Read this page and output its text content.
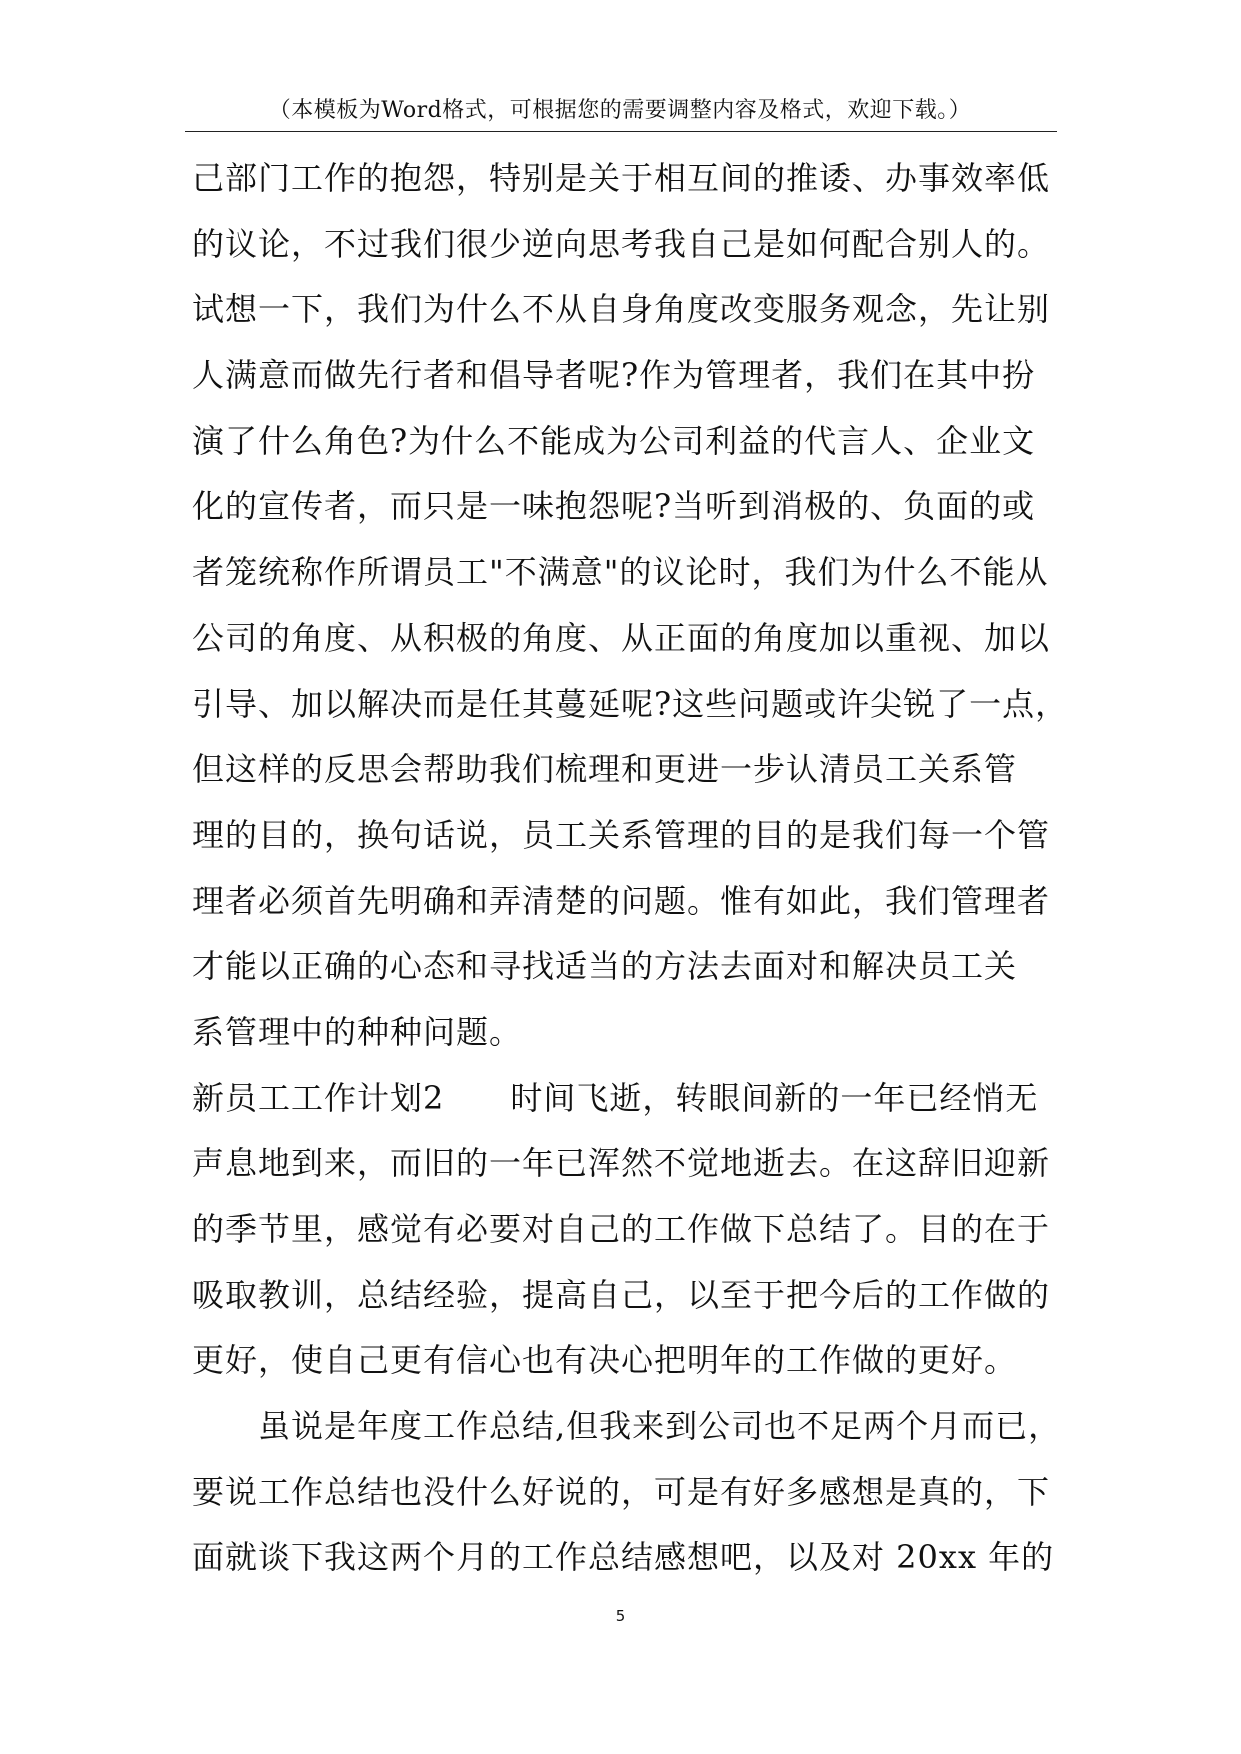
（本模板为Word格式，可根据您的需要调整内容及格式，欢迎下载。）
己部门工作的抱怨，特别是关于相互间的推诿、办事效率低
的议论，不过我们很少逆向思考我自己是如何配合别人的。
试想一下，我们为什么不从自身角度改变服务观念，先让别
人满意而做先行者和倡导者呢?作为管理者，我们在其中扮
演了什么角色?为什么不能成为公司利益的代言人、企业文
化的宣传者，而只是一味抱怨呢?当听到消极的、负面的或
者笼统称作所谓员工"不满意"的议论时，我们为什么不能从
公司的角度、从积极的角度、从正面的角度加以重视、加以
引导、加以解决而是任其蔓延呢?这些问题或许尖锐了一点，
但这样的反思会帮助我们梳理和更进一步认清员工关系管
理的目的，换句话说，员工关系管理的目的是我们每一个管
理者必须首先明确和弄清楚的问题。惟有如此，我们管理者
才能以正确的心态和寻找适当的方法去面对和解决员工关
系管理中的种种问题。
新员工工作计划2　　时间飞逝，转眼间新的一年已经悄无
声息地到来，而旧的一年已浑然不觉地逝去。在这辞旧迎新
的季节里，感觉有必要对自己的工作做下总结了。目的在于
吸取教训，总结经验，提高自己，以至于把今后的工作做的
更好，使自己更有信心也有决心把明年的工作做的更好。
　　虽说是年度工作总结,但我来到公司也不足两个月而已，
要说工作总结也没什么好说的，可是有好多感想是真的，下
面就谈下我这两个月的工作总结感想吧，以及对 20xx 年的
5
